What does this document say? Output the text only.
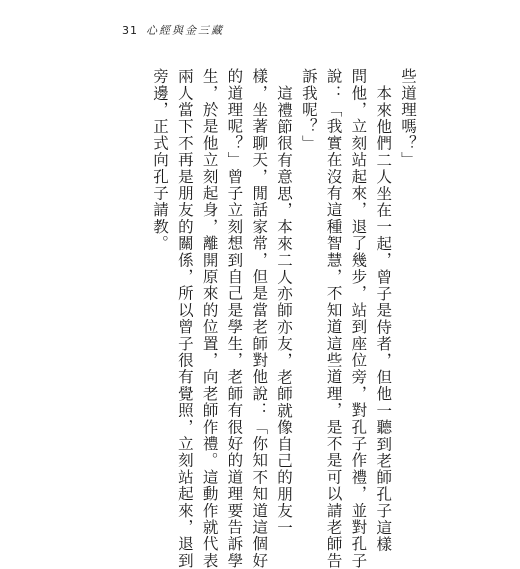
31 心經與金三藏

些道理嗎？」

本來他們二人坐在一起，曾子是侍者，但他一聽到老師孔子這樣

問他，立刻站起來，退了幾步，站到座位旁，對孔子作禮，並對孔子

說：「我實在沒有這種智慧，不知道這些道理，是不是可以請老師告

訴我呢？」

這禮節很有意思，本來二人亦師亦友，老師就像自己的朋友一

樣，坐著聊天，閒話家常，但是當老師對他說：「你知不知道這個好

的道理呢？」曾子立刻想到自己是學生，老師有很好的道理要告訴學

生，於是他立刻起身，離開原來的位置，向老師作禮。這動作就代表

兩人當下不再是朋友的關係，所以曾子很有覺照，立刻站起來，退到

旁邊，正式向孔子請教。
